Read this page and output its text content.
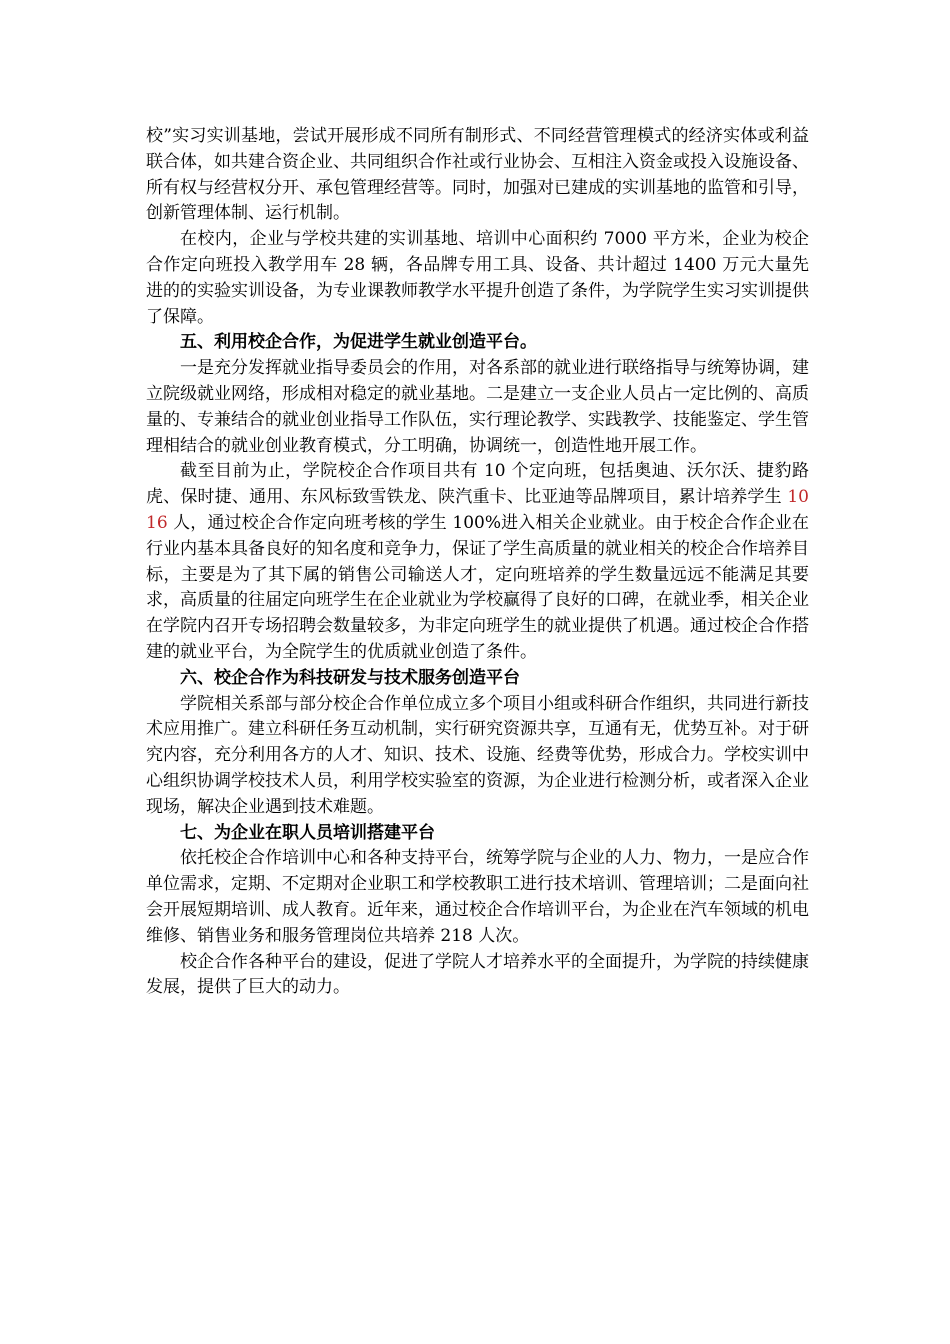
校”实习实训基地，尝试开展形成不同所有制形式、不同经营管理模式的经济实体或利益联合体，如共建合资企业、共同组织合作社或行业协会、互相注入资金或投入设施设备、所有权与经营权分开、承包管理经营等。同时，加强对已建成的实训基地的监管和引导，创新管理体制、运行机制。

在校内，企业与学校共建的实训基地、培训中心面积约 7000 平方米，企业为校企合作定向班投入教学用车 28 辆，各品牌专用工具、设备、共计超过 1400 万元大量先进的的实验实训设备，为专业课教师教学水平提升创造了条件，为学院学生实习实训提供了保障。

五、利用校企合作，为促进学生就业创造平台。

一是充分发挥就业指导委员会的作用，对各系部的就业进行联络指导与统筹协调，建立院级就业网络，形成相对稳定的就业基地。二是建立一支企业人员占一定比例的、高质量的、专兼结合的就业创业指导工作队伍，实行理论教学、实践教学、技能鉴定、学生管理相结合的就业创业教育模式，分工明确，协调统一，创造性地开展工作。

截至目前为止，学院校企合作项目共有 10 个定向班，包括奥迪、沃尔沃、捷豹路虎、保时捷、通用、东风标致雪铁龙、陕汽重卡、比亚迪等品牌项目，累计培养学生 1016 人，通过校企合作定向班考核的学生 100%进入相关企业就业。由于校企合作企业在行业内基本具备良好的知名度和竞争力，保证了学生高质量的就业相关的校企合作培养目标，主要是为了其下属的销售公司输送人才，定向班培养的学生数量远远不能满足其要求，高质量的往届定向班学生在企业就业为学校赢得了良好的口碑，在就业季，相关企业在学院内召开专场招聘会数量较多，为非定向班学生的就业提供了机遇。通过校企合作搭建的就业平台，为全院学生的优质就业创造了条件。

六、校企合作为科技研发与技术服务创造平台

学院相关系部与部分校企合作单位成立多个项目小组或科研合作组织，共同进行新技术应用推广。建立科研任务互动机制，实行研究资源共享，互通有无，优势互补。对于研究内容，充分利用各方的人才、知识、技术、设施、经费等优势，形成合力。学校实训中心组织协调学校技术人员，利用学校实验室的资源，为企业进行检测分析，或者深入企业现场，解决企业遇到技术难题。

七、为企业在职人员培训搭建平台

依托校企合作培训中心和各种支持平台，统筹学院与企业的人力、物力，一是应合作单位需求，定期、不定期对企业职工和学校教职工进行技术培训、管理培训；二是面向社会开展短期培训、成人教育。近年来，通过校企合作培训平台，为企业在汽车领域的机电维修、销售业务和服务管理岗位共培养 218 人次。

校企合作各种平台的建设，促进了学院人才培养水平的全面提升，为学院的持续健康发展，提供了巨大的动力。
